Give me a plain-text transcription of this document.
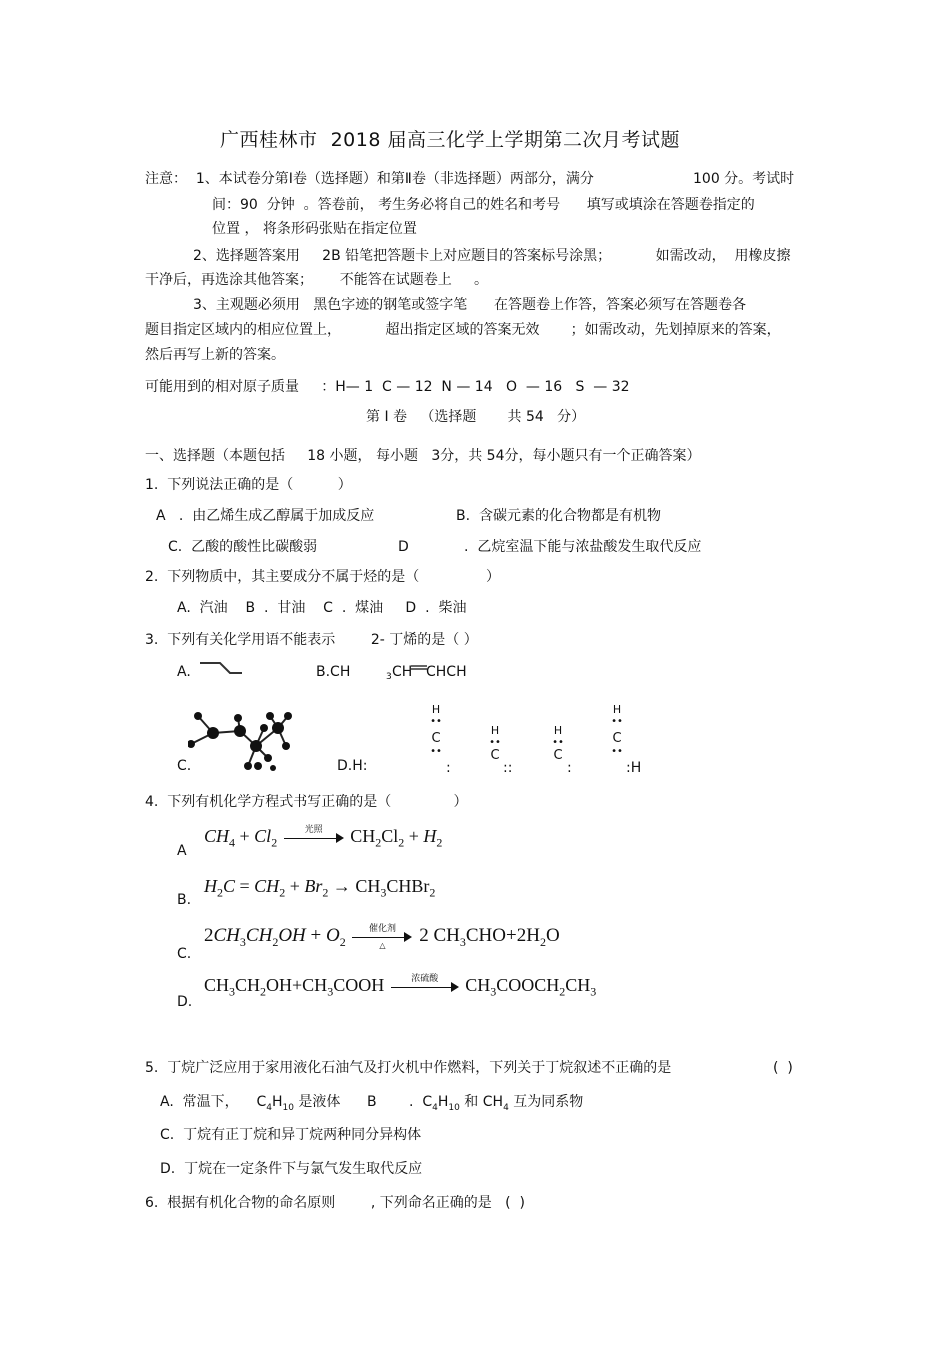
广西桂林市  2018 届高三化学上学期第二次月考试题
注意：  1、本试卷分第Ⅰ卷（选择题）和第Ⅱ卷（非选择题）两部分，满分	100 分。考试时
间：90  分钟  。答卷前， 考生务必将自己的姓名和考号      填写或填涂在答题卷指定的
位置 ， 将条形码张贴在指定位置
2、选择题答案用     2B 铅笔把答题卡上对应题目的答案标号涂黑；          如需改动，  用橡皮擦
干净后，再选涂其他答案；      不能答在试题卷上     。
3、主观题必须用   黑色字迹的钢笔或签字笔      在答题卷上作答，答案必须写在答题卷各
题目指定区域内的相应位置上，          超出指定区域的答案无效       ；如需改动，先划掉原来的答案，
然后再写上新的答案。
可能用到的相对原子质量     ：H— 1  C — 12  N — 14   O  — 16   S  — 32
第 I 卷   （选择题       共 54   分）
一、选择题（本题包括     18 小题， 每小题   3分，共 54分，每小题只有一个正确答案）
1.  下列说法正确的是（          ）
A   .  由乙烯生成乙醇属于加成反应	B.  含碳元素的化合物都是有机物
C.  乙酸的酸性比碳酸弱	D	.  乙烷室温下能与浓盐酸发生取代反应
2.  下列物质中，其主要成分不属于烃的是（               ）
A.  汽油    B  .  甘油    C  .  煤油     D  .  柴油
3.  下列有关化学用语不能表示        2- 丁烯的是（ ）
A.	B.CH	3 CH CHCH
C.	D.H:
H
••
C
••
:
H
••
C
::
H
••
C
:
H
••
C
••
:H
4.  下列有机化学方程式书写正确的是（              ）
A
$CH_4 + Cl_2$
光照	$CH_2Cl_2 + H_2$
B.
$H_2C = CH_2 + Br_2$ → $CH_3CHBr_2$
C.
$2CH_3CH_2OH + O_2$
催化剂
△	2 $CH_3CHO+2H_2O$
D.
$CH_3CH_2OH+CH_3COOH$	浓硫酸	$CH_3COOCH_2CH_3$
5.  丁烷广泛应用于家用液化石油气及打火机中作燃料，下列关于丁烷叙述不正确的是	(  )
A.  常温下，    $C_4H_{10}$ 是液体 B .  $C_4H_{10}$ 和 $CH_4$ 互为同系物
C.  丁烷有正丁烷和异丁烷两种同分异构体
D.  丁烷在一定条件下与氯气发生取代反应
6.  根据有机化合物的命名原则        , 下列命名正确的是   (  )
